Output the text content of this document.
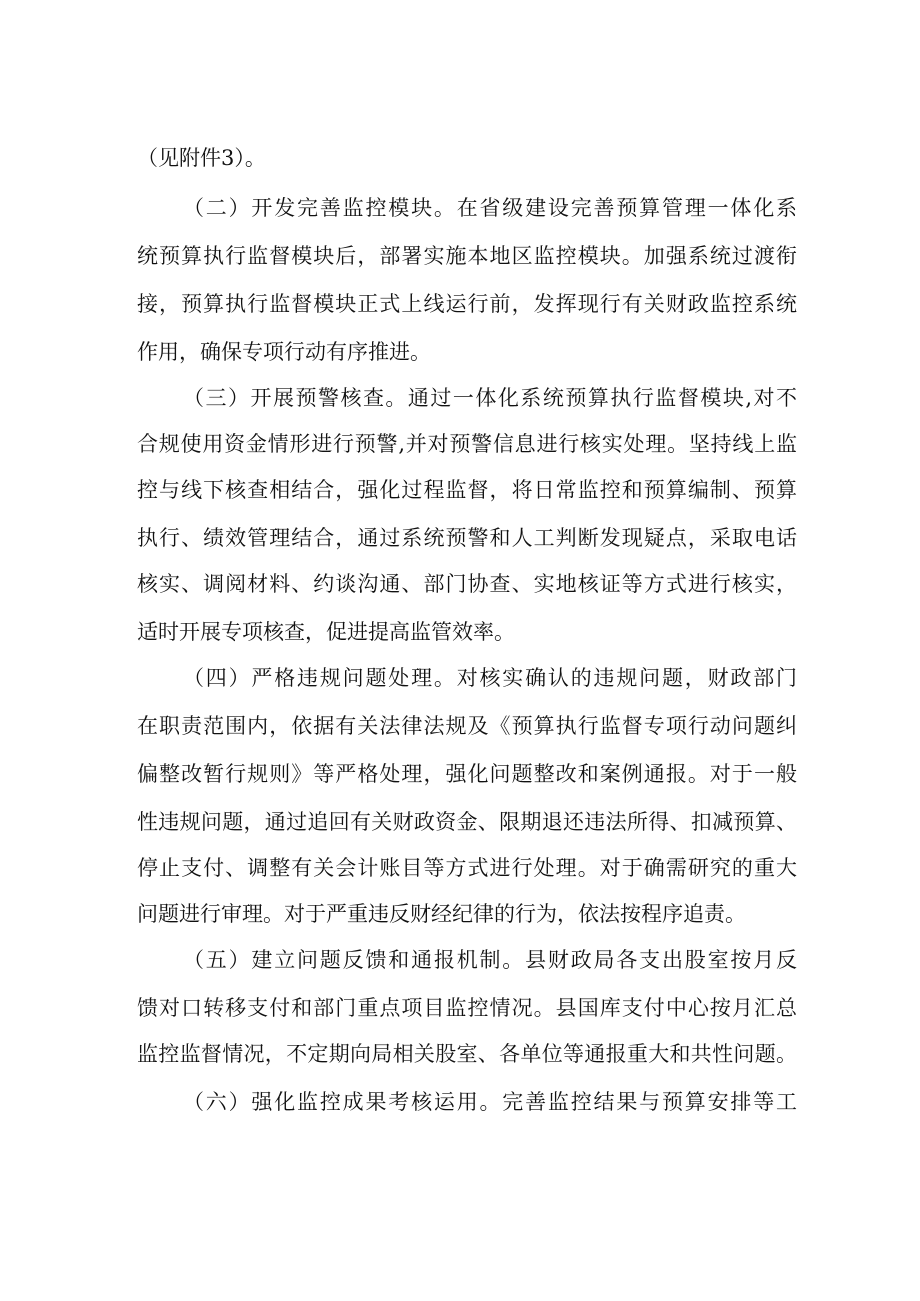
（见附件3）。
（二）开发完善监控模块。在省级建设完善预算管理一体化系
统预算执行监督模块后，部署实施本地区监控模块。加强系统过渡衔
接，预算执行监督模块正式上线运行前，发挥现行有关财政监控系统
作用，确保专项行动有序推进。
（三）开展预警核查。通过一体化系统预算执行监督模块,对不
合规使用资金情形进行预警,并对预警信息进行核实处理。坚持线上监
控与线下核查相结合，强化过程监督，将日常监控和预算编制、预算
执行、绩效管理结合，通过系统预警和人工判断发现疑点，采取电话
核实、调阅材料、约谈沟通、部门协查、实地核证等方式进行核实，
适时开展专项核查，促进提高监管效率。
（四）严格违规问题处理。对核实确认的违规问题，财政部门
在职责范围内，依据有关法律法规及《预算执行监督专项行动问题纠
偏整改暂行规则》等严格处理，强化问题整改和案例通报。对于一般
性违规问题，通过追回有关财政资金、限期退还违法所得、扣减预算、
停止支付、调整有关会计账目等方式进行处理。对于确需研究的重大
问题进行审理。对于严重违反财经纪律的行为，依法按程序追责。
（五）建立问题反馈和通报机制。县财政局各支出股室按月反
馈对口转移支付和部门重点项目监控情况。县国库支付中心按月汇总
监控监督情况，不定期向局相关股室、各单位等通报重大和共性问题。
（六）强化监控成果考核运用。完善监控结果与预算安排等工
